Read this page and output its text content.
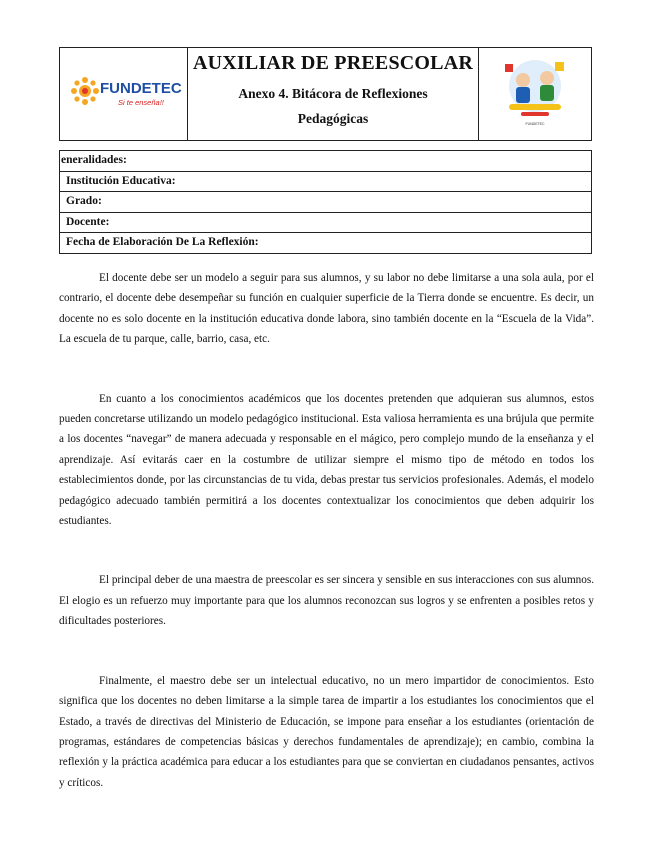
FUNDETEC
Si te enseña!!
AUXILIAR DE PREESCOLAR
Anexo 4. Bitácora de Reflexiones
Pedagógicas	FUNDETEC
eneralidades:
Institución Educativa:
Grado:
Docente:
Fecha de Elaboración De La Reflexión:

El docente debe ser un modelo a seguir para sus alumnos, y su labor no debe limitarse a una sola aula, por el contrario, el docente debe desempeñar su función en cualquier superficie de la Tierra donde se encuentre. Es decir, un docente no es solo docente en la institución educativa donde labora, sino también docente en la “Escuela de la Vida”. La escuela de tu parque, calle, barrio, casa, etc.

En cuanto a los conocimientos académicos que los docentes pretenden que adquieran sus alumnos, estos pueden concretarse utilizando un modelo pedagógico institucional. Esta valiosa herramienta es una brújula que permite a los docentes “navegar” de manera adecuada y responsable en el mágico, pero complejo mundo de la enseñanza y el aprendizaje. Así evitarás caer en la costumbre de utilizar siempre el mismo tipo de método en todos los establecimientos donde, por las circunstancias de tu vida, debas prestar tus servicios profesionales. Además, el modelo pedagógico adecuado también permitirá a los docentes contextualizar los conocimientos que deben adquirir los estudiantes.

El principal deber de una maestra de preescolar es ser sincera y sensible en sus interacciones con sus alumnos. El elogio es un refuerzo muy importante para que los alumnos reconozcan sus logros y se enfrenten a posibles retos y dificultades posteriores.

Finalmente, el maestro debe ser un intelectual educativo, no un mero impartidor de conocimientos. Esto significa que los docentes no deben limitarse a la simple tarea de impartir a los estudiantes los conocimientos que el Estado, a través de directivas del Ministerio de Educación, se impone para enseñar a los estudiantes (orientación de programas, estándares de competencias básicas y derechos fundamentales de aprendizaje); en cambio, combina la reflexión y la práctica académica para educar a los estudiantes para que se conviertan en ciudadanos pensantes, activos y críticos.
